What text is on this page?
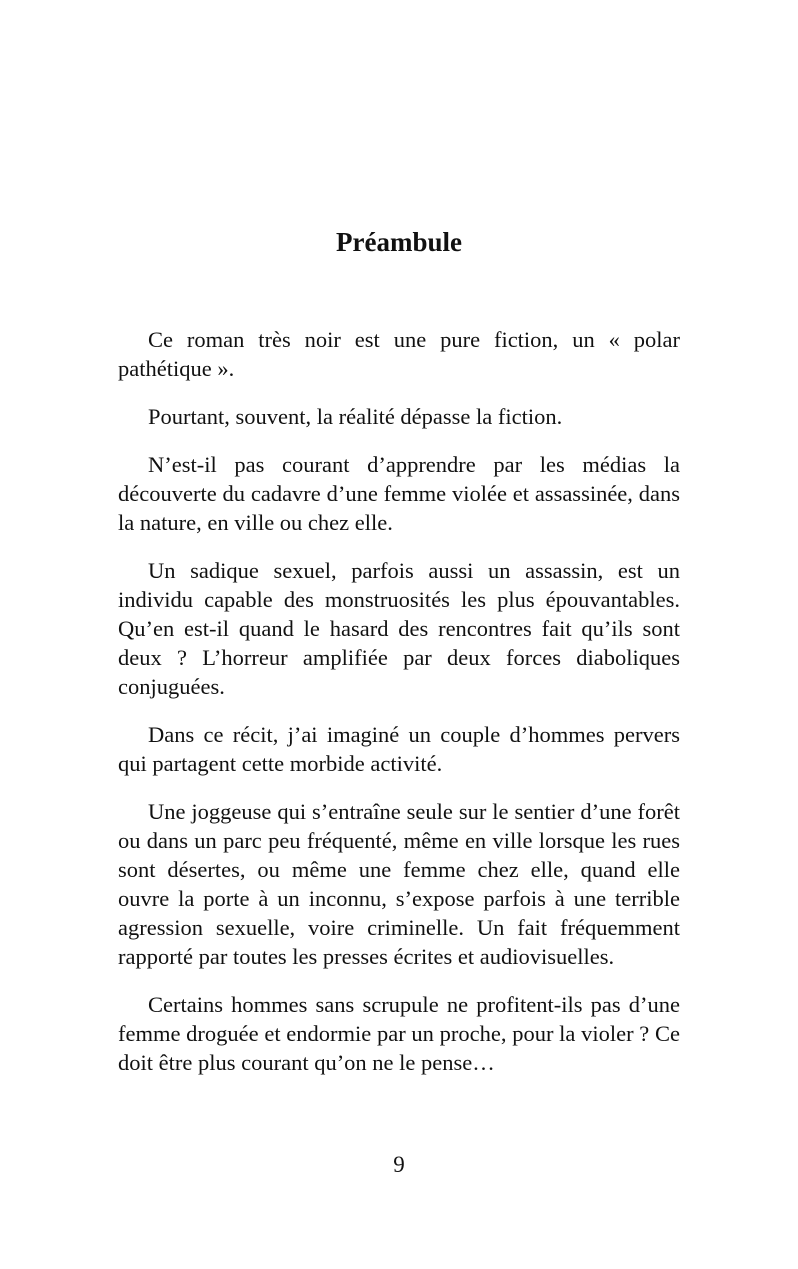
Préambule

Ce roman très noir est une pure fiction, un « polar pathétique ».

Pourtant, souvent, la réalité dépasse la fiction.

N’est-il pas courant d’apprendre par les médias la découverte du cadavre d’une femme violée et assassinée, dans la nature, en ville ou chez elle.

Un sadique sexuel, parfois aussi un assassin, est un individu capable des monstruosités les plus épouvantables. Qu’en est-il quand le hasard des rencontres fait qu’ils sont deux ? L’horreur amplifiée par deux forces diaboliques conjuguées.

Dans ce récit, j’ai imaginé un couple d’hommes pervers qui partagent cette morbide activité.

Une joggeuse qui s’entraîne seule sur le sentier d’une forêt ou dans un parc peu fréquenté, même en ville lorsque les rues sont désertes, ou même une femme chez elle, quand elle ouvre la porte à un inconnu, s’expose parfois à une terrible agression sexuelle, voire criminelle. Un fait fréquemment rapporté par toutes les presses écrites et audiovisuelles.

Certains hommes sans scrupule ne profitent-ils pas d’une femme droguée et endormie par un proche, pour la violer ? Ce doit être plus courant qu’on ne le pense…

9
